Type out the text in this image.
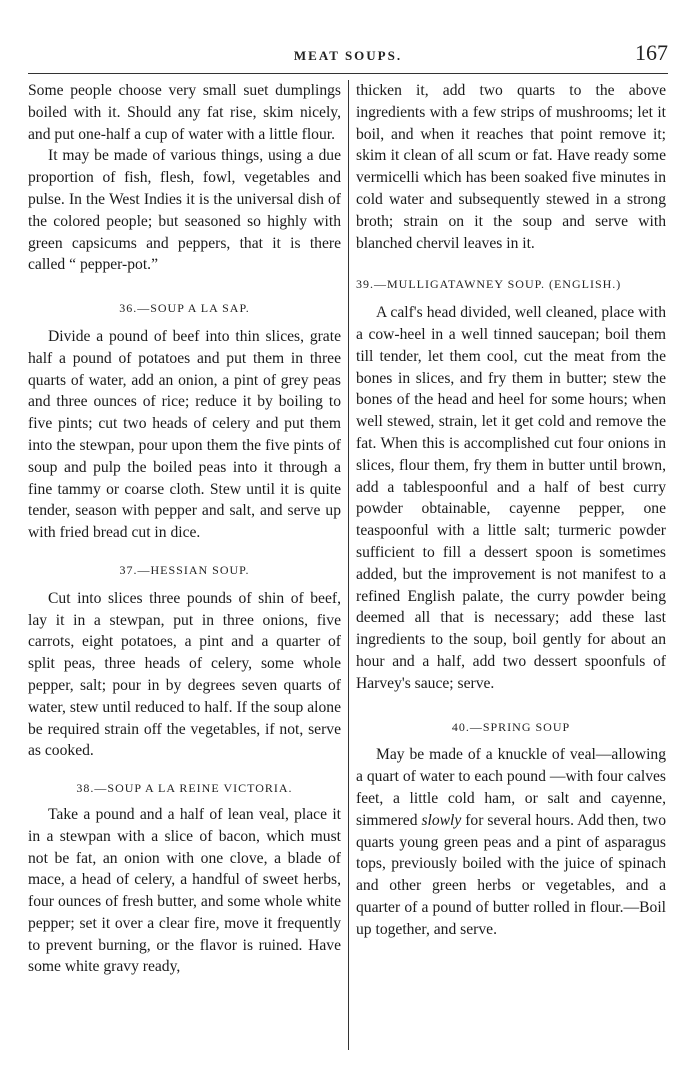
MEAT SOUPS.	167

Some people choose very small suet dumplings boiled with it. Should any fat rise, skim nicely, and put one-half a cup of water with a little flour.

It may be made of various things, using a due proportion of fish, flesh, fowl, vegetables and pulse. In the West Indies it is the universal dish of the colored people; but seasoned so highly with green capsicums and peppers, that it is there called “ pepper-pot.”

36.—SOUP A LA SAP.

Divide a pound of beef into thin slices, grate half a pound of potatoes and put them in three quarts of water, add an onion, a pint of grey peas and three ounces of rice; reduce it by boiling to five pints; cut two heads of celery and put them into the stewpan, pour upon them the five pints of soup and pulp the boiled peas into it through a fine tammy or coarse cloth. Stew until it is quite tender, season with pepper and salt, and serve up with fried bread cut in dice.

37.—HESSIAN SOUP.

Cut into slices three pounds of shin of beef, lay it in a stewpan, put in three onions, five carrots, eight potatoes, a pint and a quarter of split peas, three heads of celery, some whole pepper, salt; pour in by degrees seven quarts of water, stew until reduced to half. If the soup alone be required strain off the vegetables, if not, serve as cooked.

38.—SOUP A LA REINE VICTORIA.

Take a pound and a half of lean veal, place it in a stewpan with a slice of bacon, which must not be fat, an onion with one clove, a blade of mace, a head of celery, a handful of sweet herbs, four ounces of fresh butter, and some whole white pepper; set it over a clear fire, move it frequently to prevent burning, or the flavor is ruined. Have some white gravy ready,

thicken it, add two quarts to the above ingredients with a few strips of mushrooms; let it boil, and when it reaches that point remove it; skim it clean of all scum or fat. Have ready some vermicelli which has been soaked five minutes in cold water and subsequently stewed in a strong broth; strain on it the soup and serve with blanched chervil leaves in it.

39.—MULLIGATAWNEY SOUP. (ENGLISH.)

A calf's head divided, well cleaned, place with a cow-heel in a well tinned saucepan; boil them till tender, let them cool, cut the meat from the bones in slices, and fry them in butter; stew the bones of the head and heel for some hours; when well stewed, strain, let it get cold and remove the fat. When this is accomplished cut four onions in slices, flour them, fry them in butter until brown, add a tablespoonful and a half of best curry powder obtainable, cayenne pepper, one teaspoonful with a little salt; turmeric powder sufficient to fill a dessert spoon is sometimes added, but the improvement is not manifest to a refined English palate, the curry powder being deemed all that is necessary; add these last ingredients to the soup, boil gently for about an hour and a half, add two dessert spoonfuls of Harvey's sauce; serve.

40.—SPRING SOUP

May be made of a knuckle of veal—allowing a quart of water to each pound —with four calves feet, a little cold ham, or salt and cayenne, simmered slowly for several hours. Add then, two quarts young green peas and a pint of asparagus tops, previously boiled with the juice of spinach and other green herbs or vegetables, and a quarter of a pound of butter rolled in flour.—Boil up together, and serve.
